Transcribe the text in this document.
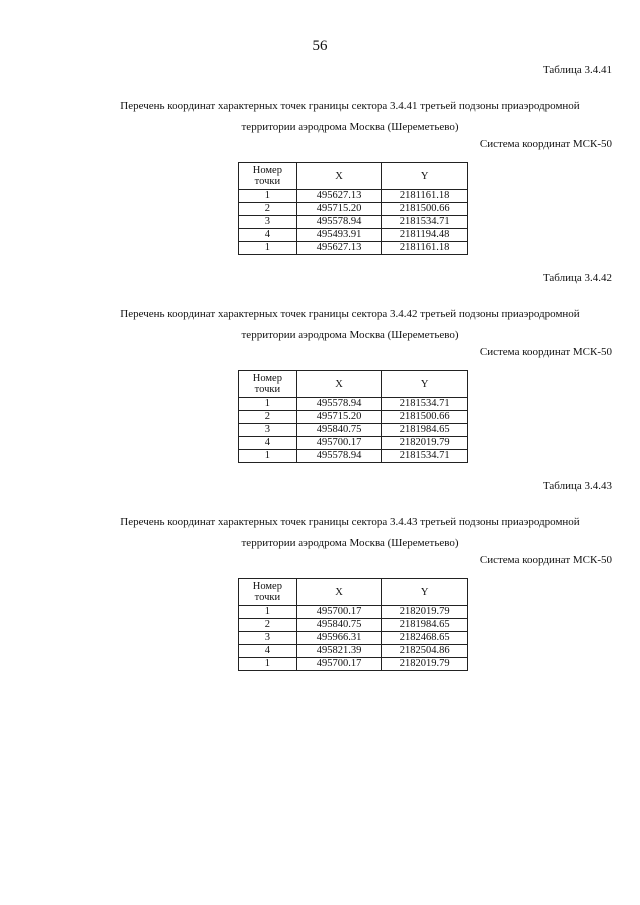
56
Таблица 3.4.41
Перечень координат характерных точек границы сектора 3.4.41 третьей подзоны приаэродромной
территории аэродрома Москва (Шереметьево)
Система координат МСК-50
Номер точки	X	Y
1	495627.13	2181161.18
2	495715.20	2181500.66
3	495578.94	2181534.71
4	495493.91	2181194.48
1	495627.13	2181161.18
Таблица 3.4.42
Перечень координат характерных точек границы сектора 3.4.42 третьей подзоны приаэродромной
территории аэродрома Москва (Шереметьево)
Система координат МСК-50
Номер точки	X	Y
1	495578.94	2181534.71
2	495715.20	2181500.66
3	495840.75	2181984.65
4	495700.17	2182019.79
1	495578.94	2181534.71
Таблица 3.4.43
Перечень координат характерных точек границы сектора 3.4.43 третьей подзоны приаэродромной
территории аэродрома Москва (Шереметьево)
Система координат МСК-50
Номер точки	X	Y
1	495700.17	2182019.79
2	495840.75	2181984.65
3	495966.31	2182468.65
4	495821.39	2182504.86
1	495700.17	2182019.79
